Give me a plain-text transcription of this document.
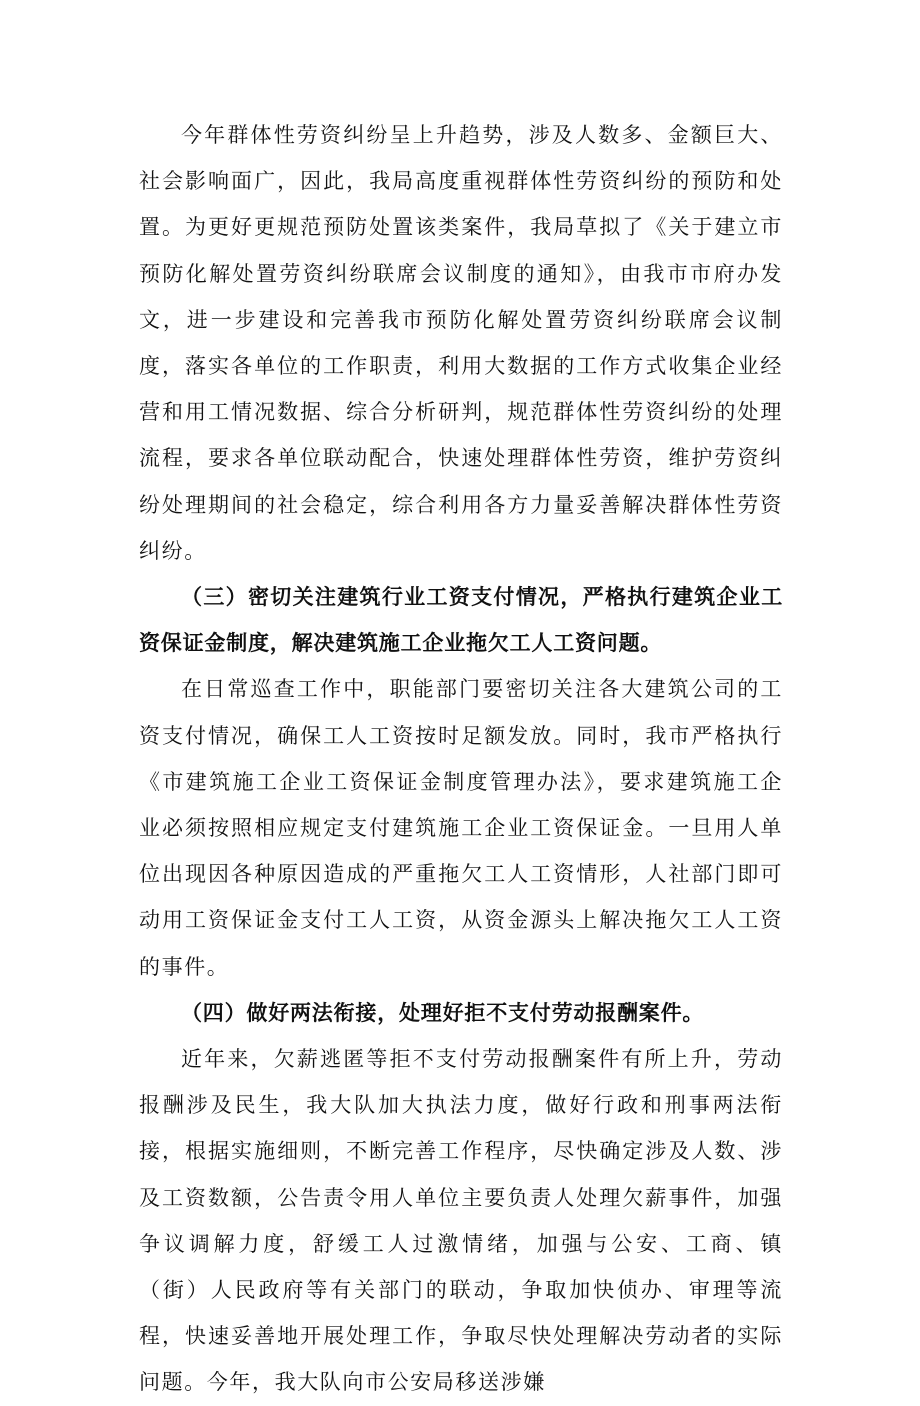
今年群体性劳资纠纷呈上升趋势，涉及人数多、金额巨大、社会影响面广，因此，我局高度重视群体性劳资纠纷的预防和处置。为更好更规范预防处置该类案件，我局草拟了《关于建立市预防化解处置劳资纠纷联席会议制度的通知》，由我市市府办发文，进一步建设和完善我市预防化解处置劳资纠纷联席会议制度，落实各单位的工作职责，利用大数据的工作方式收集企业经营和用工情况数据、综合分析研判，规范群体性劳资纠纷的处理流程，要求各单位联动配合，快速处理群体性劳资，维护劳资纠纷处理期间的社会稳定，综合利用各方力量妥善解决群体性劳资纠纷。

（三）密切关注建筑行业工资支付情况，严格执行建筑企业工资保证金制度，解决建筑施工企业拖欠工人工资问题。

在日常巡查工作中，职能部门要密切关注各大建筑公司的工资支付情况，确保工人工资按时足额发放。同时，我市严格执行《市建筑施工企业工资保证金制度管理办法》，要求建筑施工企业必须按照相应规定支付建筑施工企业工资保证金。一旦用人单位出现因各种原因造成的严重拖欠工人工资情形，人社部门即可动用工资保证金支付工人工资，从资金源头上解决拖欠工人工资的事件。

（四）做好两法衔接，处理好拒不支付劳动报酬案件。

近年来，欠薪逃匿等拒不支付劳动报酬案件有所上升，劳动报酬涉及民生，我大队加大执法力度，做好行政和刑事两法衔接，根据实施细则，不断完善工作程序，尽快确定涉及人数、涉及工资数额，公告责令用人单位主要负责人处理欠薪事件，加强争议调解力度，舒缓工人过激情绪，加强与公安、工商、镇（街）人民政府等有关部门的联动，争取加快侦办、审理等流程，快速妥善地开展处理工作，争取尽快处理解决劳动者的实际问题。今年，我大队向市公安局移送涉嫌
